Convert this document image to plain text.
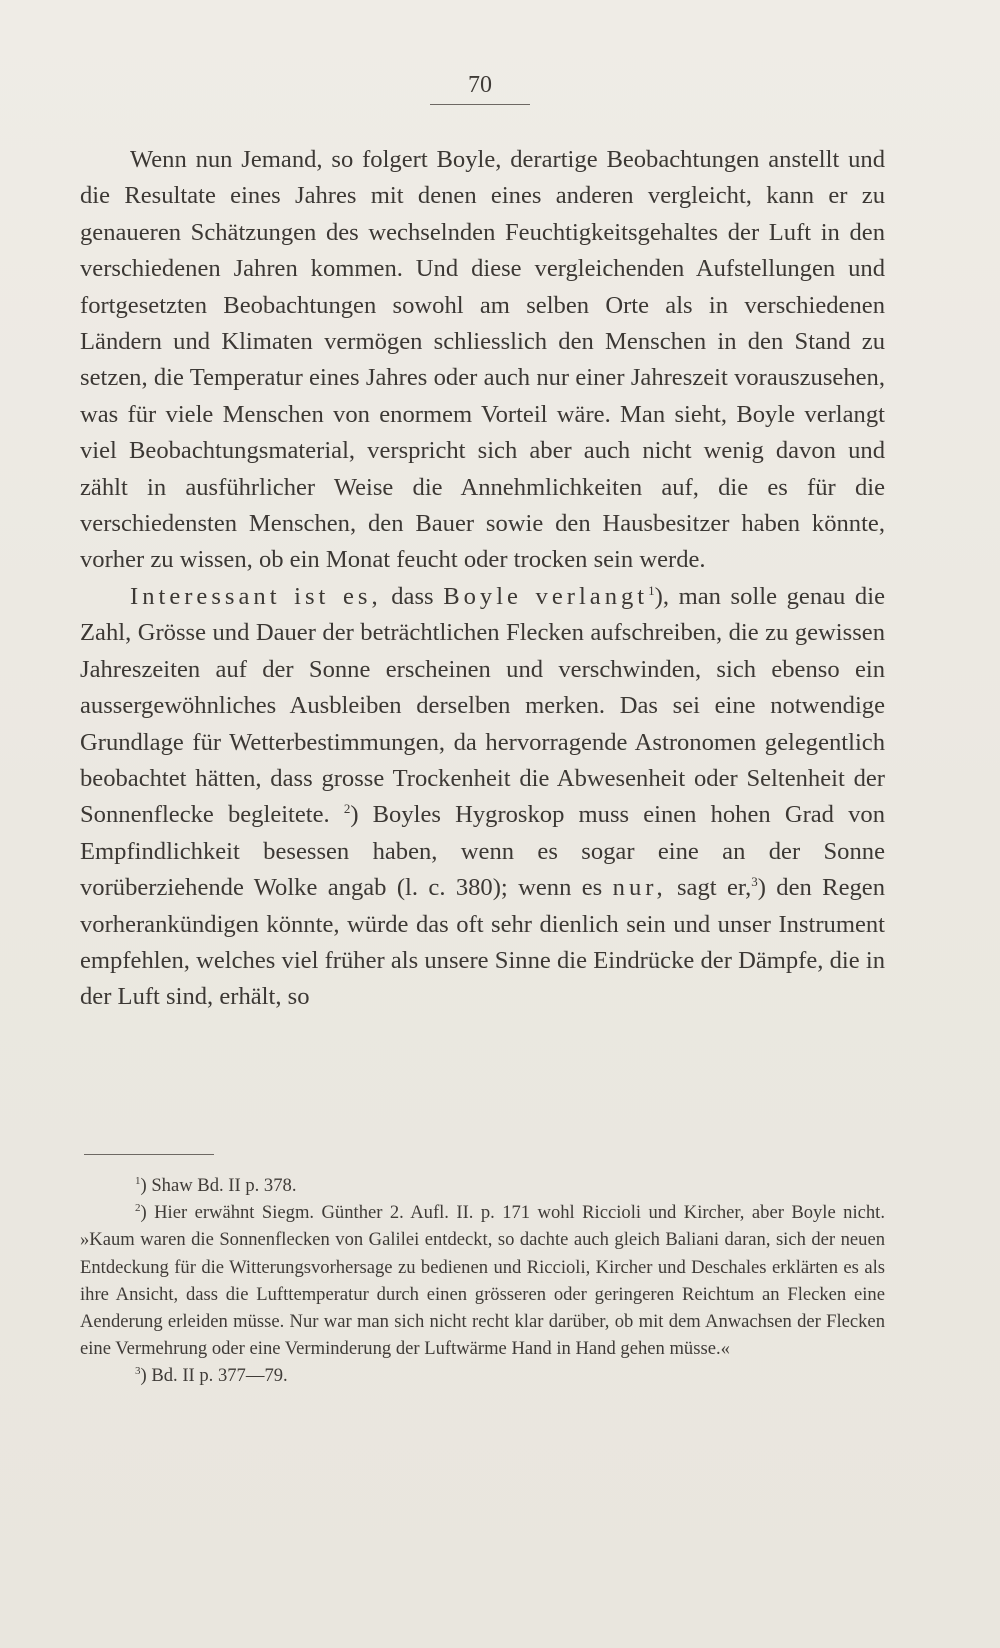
70

Wenn nun Jemand, so folgert Boyle, derartige Beobachtungen anstellt und die Resultate eines Jahres mit denen eines anderen vergleicht, kann er zu genaueren Schätzungen des wechselnden Feuchtigkeitsgehaltes der Luft in den verschiedenen Jahren kommen. Und diese vergleichenden Aufstellungen und fortgesetzten Beobachtungen sowohl am selben Orte als in verschiedenen Ländern und Klimaten vermögen schliesslich den Menschen in den Stand zu setzen, die Temperatur eines Jahres oder auch nur einer Jahreszeit vorauszusehen, was für viele Menschen von enormem Vorteil wäre. Man sieht, Boyle verlangt viel Beobachtungsmaterial, verspricht sich aber auch nicht wenig davon und zählt in ausführlicher Weise die Annehmlichkeiten auf, die es für die verschiedensten Menschen, den Bauer sowie den Hausbesitzer haben könnte, vorher zu wissen, ob ein Monat feucht oder trocken sein werde.

Interessant ist es, dass Boyle verlangt$^1$), man solle genau die Zahl, Grösse und Dauer der beträchtlichen Flecken aufschreiben, die zu gewissen Jahreszeiten auf der Sonne erscheinen und verschwinden, sich ebenso ein aussergewöhnliches Ausbleiben derselben merken. Das sei eine notwendige Grundlage für Wetterbestimmungen, da hervorragende Astronomen gelegentlich beobachtet hätten, dass grosse Trockenheit die Abwesenheit oder Seltenheit der Sonnenflecke begleitete. $^2$) Boyles Hygroskop muss einen hohen Grad von Empfindlichkeit besessen haben, wenn es sogar eine an der Sonne vorüberziehende Wolke angab (l. c. 380); wenn es nur, sagt er,$^3$) den Regen vorherankündigen könnte, würde das oft sehr dienlich sein und unser Instrument empfehlen, welches viel früher als unsere Sinne die Eindrücke der Dämpfe, die in der Luft sind, erhält, so

$^1$) Shaw Bd. II p. 378.

$^2$) Hier erwähnt Siegm. Günther 2. Aufl. II. p. 171 wohl Riccioli und Kircher, aber Boyle nicht. »Kaum waren die Sonnenflecken von Galilei entdeckt, so dachte auch gleich Baliani daran, sich der neuen Entdeckung für die Witterungsvorhersage zu bedienen und Riccioli, Kircher und Deschales erklärten es als ihre Ansicht, dass die Lufttemperatur durch einen grösseren oder geringeren Reichtum an Flecken eine Aenderung erleiden müsse. Nur war man sich nicht recht klar darüber, ob mit dem Anwachsen der Flecken eine Vermehrung oder eine Verminderung der Luftwärme Hand in Hand gehen müsse.«

$^3$) Bd. II p. 377—79.
